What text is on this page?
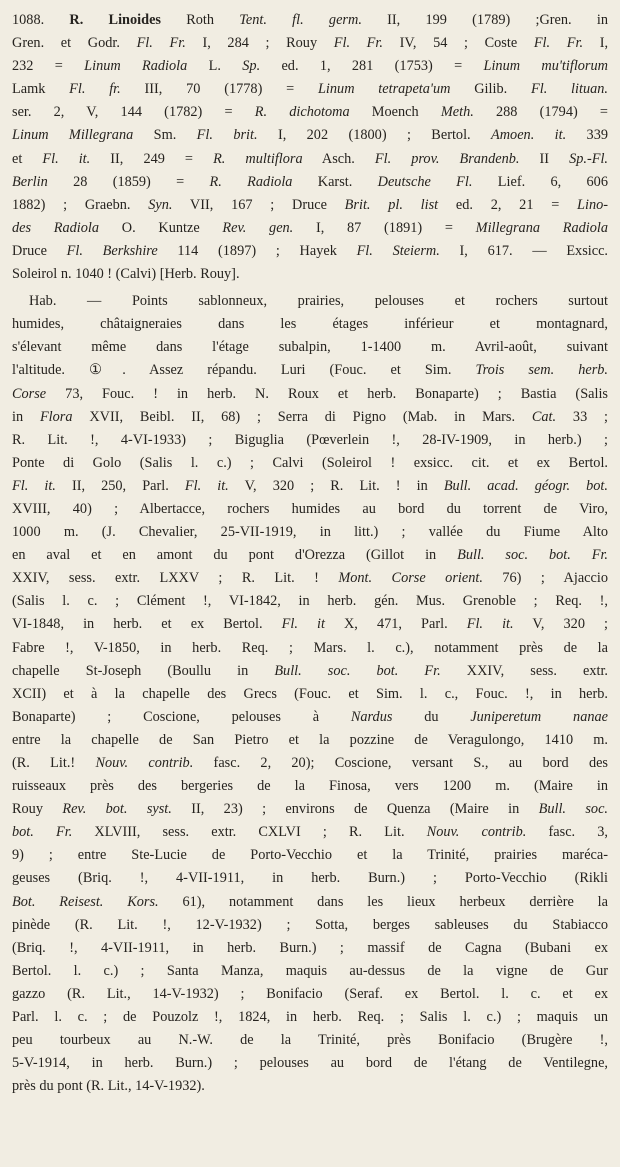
1088. R. Linoides Roth Tent. fl. germ. II, 199 (1789) ;Gren. in
Gren. et Godr. Fl. Fr. I, 284 ; Rouy Fl. Fr. IV, 54 ; Coste Fl. Fr. I,
232 = Linum Radiola L. Sp. ed. 1, 281 (1753) = Linum mu'tiflorum
Lamk Fl. fr. III, 70 (1778) = Linum tetrapeta'um Gilib. Fl. lituan.
ser. 2, V, 144 (1782) = R. dichotoma Moench Meth. 288 (1794) =
Linum Millegrana Sm. Fl. brit. I, 202 (1800) ; Bertol. Amoen. it. 339
et Fl. it. II, 249 = R. multiflora Asch. Fl. prov. Brandenb. II Sp.-Fl.
Berlin 28 (1859) = R. Radiola Karst. Deutsche Fl. Lief. 6, 606
1882) ; Graebn. Syn. VII, 167 ; Druce Brit. pl. list ed. 2, 21 = Lino-
des Radiola O. Kuntze Rev. gen. I, 87 (1891) = Millegrana Radiola
Druce Fl. Berkshire 114 (1897) ; Hayek Fl. Steierm. I, 617. — Exsicc.
Soleirol n. 1040 ! (Calvi) [Herb. Rouy].
Hab. — Points sablonneux, prairies, pelouses et rochers surtout
humides, châtaigneraies dans les étages inférieur et montagnard,
s'élevant même dans l'étage subalpin, 1-1400 m. Avril-août, suivant
l'altitude. ①. Assez répandu. Luri (Fouc. et Sim. Trois sem. herb.
Corse 73, Fouc. ! in herb. N. Roux et herb. Bonaparte) ; Bastia (Salis
in Flora XVII, Beibl. II, 68) ; Serra di Pigno (Mab. in Mars. Cat. 33 ;
R. Lit. !, 4-VI-1933) ; Biguglia (Pœverlein !, 28-IV-1909, in herb.) ;
Ponte di Golo (Salis l. c.) ; Calvi (Soleirol ! exsicc. cit. et ex Bertol.
Fl. it. II, 250, Parl. Fl. it. V, 320 ; R. Lit. ! in Bull. acad. géogr. bot.
XVIII, 40) ; Albertacce, rochers humides au bord du torrent de Viro,
1000 m. (J. Chevalier, 25-VII-1919, in litt.) ; vallée du Fiume Alto
en aval et en amont du pont d'Orezza (Gillot in Bull. soc. bot. Fr.
XXIV, sess. extr. LXXV ; R. Lit. ! Mont. Corse orient. 76) ; Ajaccio
(Salis l. c. ; Clément !, VI-1842, in herb. gén. Mus. Grenoble ; Req. !,
VI-1848, in herb. et ex Bertol. Fl. it X, 471, Parl. Fl. it. V, 320 ;
Fabre !, V-1850, in herb. Req. ; Mars. l. c.), notamment près de la
chapelle St-Joseph (Boullu in Bull. soc. bot. Fr. XXIV, sess. extr.
XCII) et à la chapelle des Grecs (Fouc. et Sim. l. c., Fouc. !, in herb.
Bonaparte) ; Coscione, pelouses à Nardus du Juniperetum nanae
entre la chapelle de San Pietro et la pozzine de Veragulongo, 1410 m.
(R. Lit.! Nouv. contrib. fasc. 2, 20); Coscione, versant S., au bord des
ruisseaux près des bergeries de la Finosa, vers 1200 m. (Maire in
Rouy Rev. bot. syst. II, 23) ; environs de Quenza (Maire in Bull. soc.
bot. Fr. XLVIII, sess. extr. CXLVI ; R. Lit. Nouv. contrib. fasc. 3,
9) ; entre Ste-Lucie de Porto-Vecchio et la Trinité, prairies maréca-
geuses (Briq. !, 4-VII-1911, in herb. Burn.) ; Porto-Vecchio (Rikli
Bot. Reisest. Kors. 61), notamment dans les lieux herbeux derrière la
pinède (R. Lit. !, 12-V-1932) ; Sotta, berges sableuses du Stabiacco
(Briq. !, 4-VII-1911, in herb. Burn.) ; massif de Cagna (Bubani ex
Bertol. l. c.) ; Santa Manza, maquis au-dessus de la vigne de Gur
gazzo (R. Lit., 14-V-1932) ; Bonifacio (Seraf. ex Bertol. l. c. et ex
Parl. l. c. ; de Pouzolz !, 1824, in herb. Req. ; Salis l. c.) ; maquis un
peu tourbeux au N.-W. de la Trinité, près Bonifacio (Brugère !,
5-V-1914, in herb. Burn.) ; pelouses au bord de l'étang de Ventilegne,
près du pont (R. Lit., 14-V-1932).
